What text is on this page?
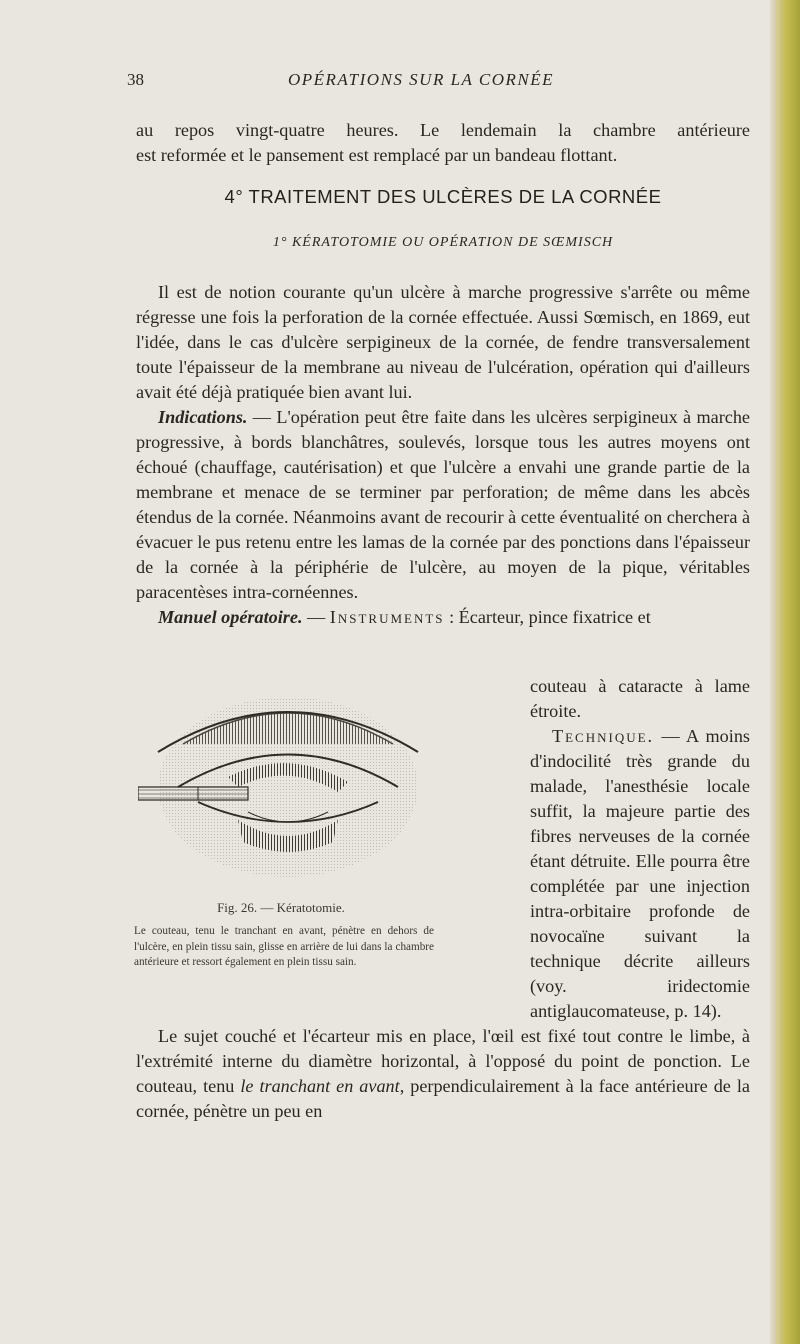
38	OPÉRATIONS SUR LA CORNÉE

au repos vingt-quatre heures. Le lendemain la chambre antérieure

est reformée et le pansement est remplacé par un bandeau flottant.

4° TRAITEMENT DES ULCÈRES DE LA CORNÉE
1° KÉRATOTOMIE OU OPÉRATION DE SŒMISCH

Il est de notion courante qu'un ulcère à marche progressive s'arrête ou même régresse une fois la perforation de la cornée effectuée. Aussi Sœmisch, en 1869, eut l'idée, dans le cas d'ulcère serpigineux de la cornée, de fendre transversalement toute l'épaisseur de la membrane au niveau de l'ulcération, opération qui d'ailleurs avait été déjà pratiquée bien avant lui.

Indications. — L'opération peut être faite dans les ulcères serpigineux à marche progressive, à bords blanchâtres, soulevés, lorsque tous les autres moyens ont échoué (chauffage, cautérisation) et que l'ulcère a envahi une grande partie de la membrane et menace de se terminer par perforation; de même dans les abcès étendus de la cornée. Néanmoins avant de recourir à cette éventualité on cherchera à évacuer le pus retenu entre les lamas de la cornée par des ponctions dans l'épaisseur de la cornée à la périphérie de l'ulcère, au moyen de la pique, véritables paracentèses intra-cornéennes.

Manuel opératoire. — Instruments : Écarteur, pince fixatrice et

Fig. 26. — Kératotomie.
Le couteau, tenu le tranchant en avant, pénètre en dehors de l'ulcère, en plein tissu sain, glisse en arrière de lui dans la chambre antérieure et ressort également en plein tissu sain.

couteau à cataracte à lame étroite.

Technique. — A moins d'indocilité très grande du malade, l'anesthésie locale suffit, la majeure partie des fibres nerveuses de la cornée étant détruite. Elle pourra être complétée par une injection intra-orbitaire profonde de novocaïne suivant la technique décrite ailleurs (voy. iridectomie antiglaucomateuse, p. 14).

Le sujet couché et l'écarteur mis en place, l'œil est fixé tout contre le limbe, à l'extrémité interne du diamètre horizontal, à l'opposé du point de ponction. Le couteau, tenu le tranchant en avant, perpendiculairement à la face antérieure de la cornée, pénètre un peu en
